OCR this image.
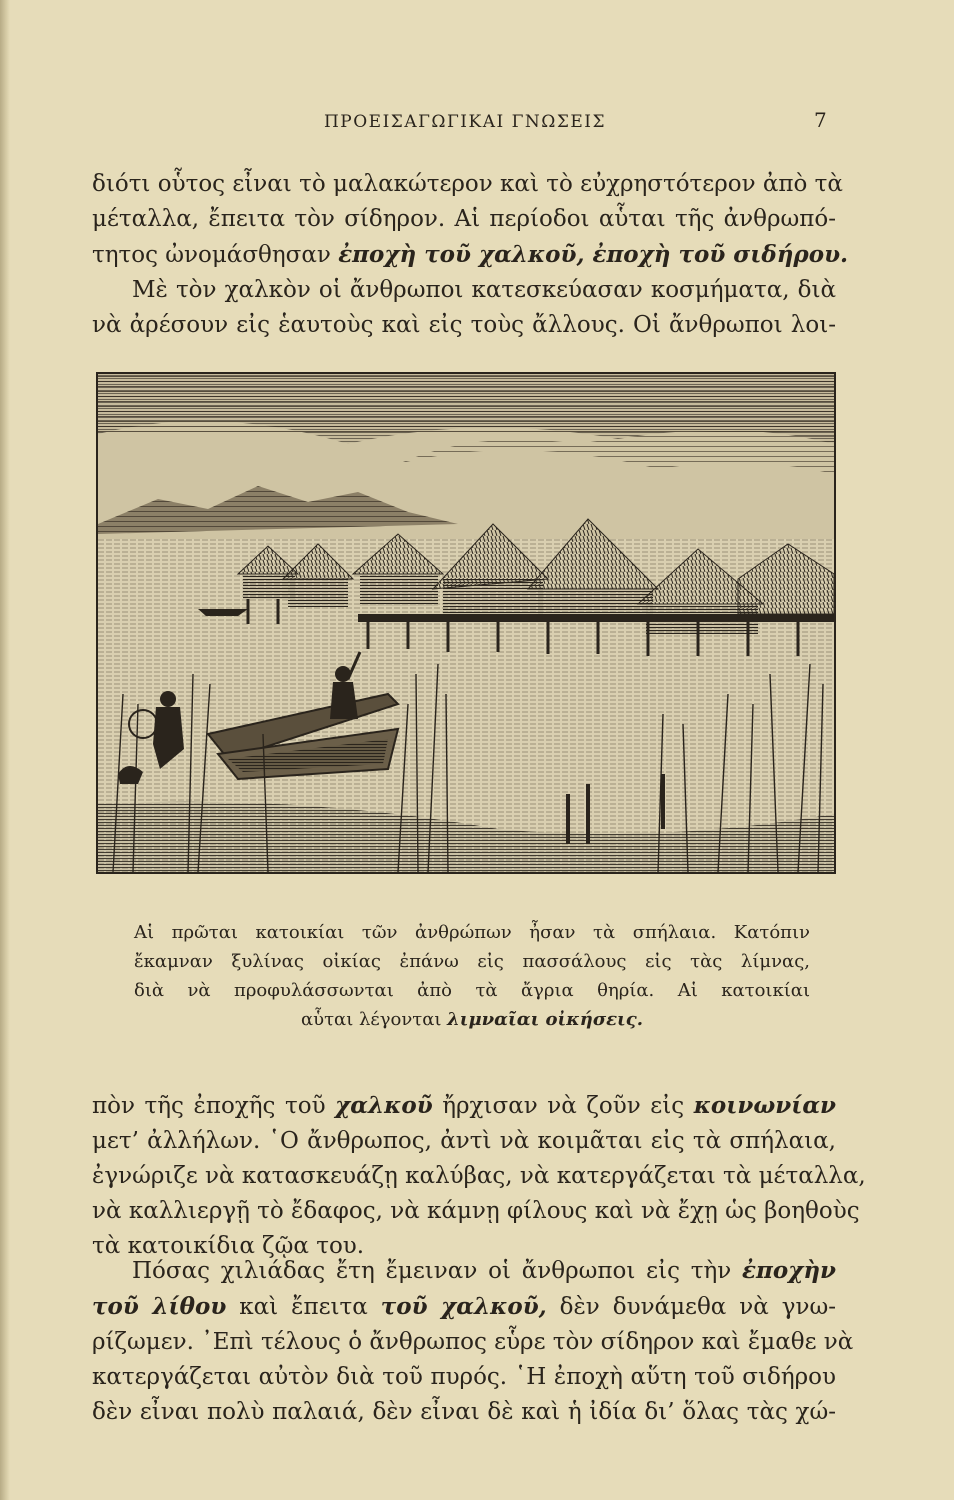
ΠΡΟΕΙΣΑΓΩΓΙΚΑΙ ΓΝΩΣΕΙΣ	7

διότι οὗτος εἶναι τὸ μαλακώτερον καὶ τὸ εὐχρηστότερον ἀπὸ τὰ
μέταλλα, ἔπειτα τὸν σίδηρον. Αἱ περίοδοι αὗται τῆς ἀνθρωπό-
τητος ὠνομάσθησαν ἐποχὴ τοῦ χαλκοῦ, ἐποχὴ τοῦ σιδήρου.
Μὲ τὸν χαλκὸν οἱ ἄνθρωποι κατεσκεύασαν κοσμήματα, διὰ
νὰ ἀρέσουν εἰς ἑαυτοὺς καὶ εἰς τοὺς ἄλλους. Οἱ ἄνθρωποι λοι-

Αἱ πρῶται κατοικίαι τῶν ἀνθρώπων ἦσαν τὰ σπήλαια. Κατόπιν
ἔκαμναν ξυλίνας οἰκίας ἐπάνω εἰς πασσάλους εἰς τὰς λίμνας,
διὰ νὰ προφυλάσσωνται ἀπὸ τὰ ἄγρια θηρία. Αἱ κατοικίαι
αὗται λέγονται λιμναῖαι οἰκήσεις.

πὸν τῆς ἐποχῆς τοῦ χαλκοῦ ἤρχισαν νὰ ζοῦν εἰς κοινωνίαν
μετ’ ἀλλήλων. ῾Ο ἄνθρωπος, ἀντὶ νὰ κοιμᾶται εἰς τὰ σπήλαια,
ἐγνώριζε νὰ κατασκευάζῃ καλύβας, νὰ κατεργάζεται τὰ μέταλλα,
νὰ καλλιεργῇ τὸ ἔδαφος, νὰ κάμνῃ φίλους καὶ νὰ ἔχῃ ὡς βοηθοὺς
τὰ κατοικίδια ζῷα του.

Πόσας χιλιάδας ἔτη ἔμειναν οἱ ἄνθρωποι εἰς τὴν ἐποχὴν
τοῦ λίθου καὶ ἔπειτα τοῦ χαλκοῦ, δὲν δυνάμεθα νὰ γνω-
ρίζωμεν. ᾿Επὶ τέλους ὁ ἄνθρωπος εὗρε τὸν σίδηρον καὶ ἔμαθε νὰ
κατεργάζεται αὐτὸν διὰ τοῦ πυρός. ῾Η ἐποχὴ αὕτη τοῦ σιδήρου
δὲν εἶναι πολὺ παλαιά, δὲν εἶναι δὲ καὶ ἡ ἰδία δι’ ὅλας τὰς χώ-
